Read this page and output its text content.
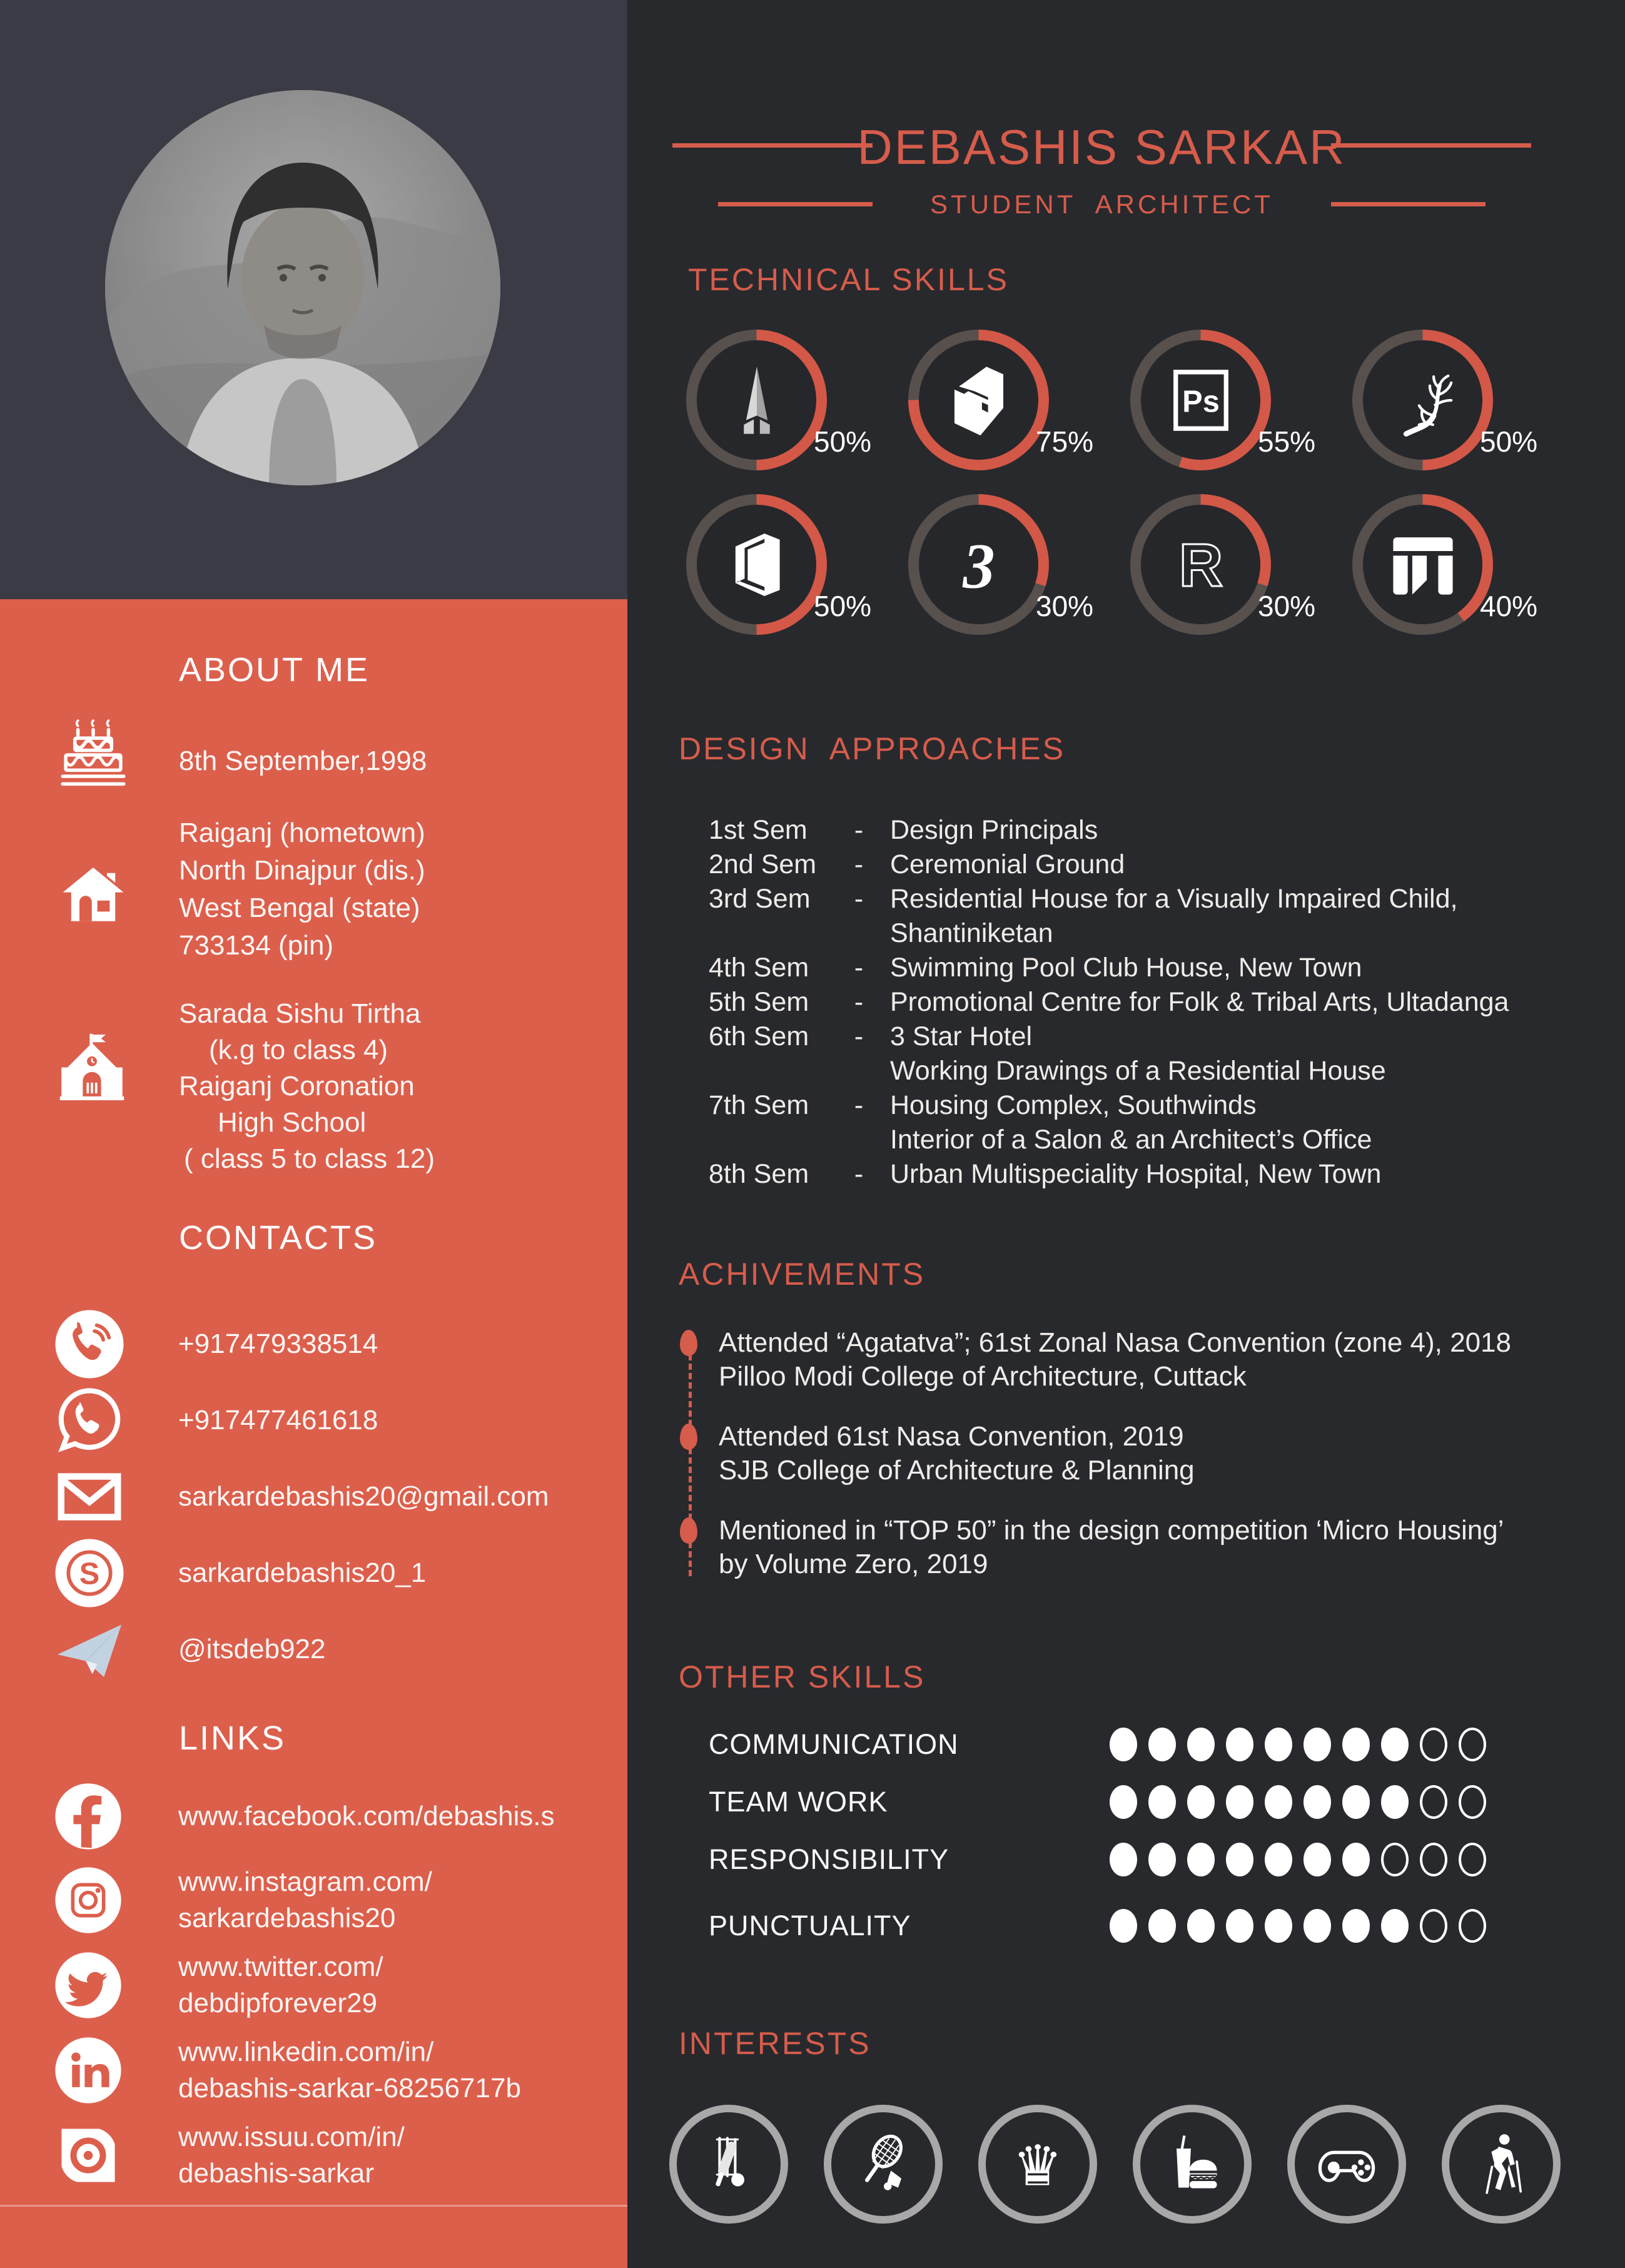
ABOUT ME
8th September,1998
Raiganj (hometown)
North Dinajpur (dis.)
West Bengal (state)
733134 (pin)
Sarada Sishu Tirtha
(k.g to class 4)
Raiganj Coronation
High School
( class 5 to class 12)
CONTACTS
+917479338514
+917477461618
sarkardebashis20@gmail.com
S	sarkardebashis20_1
@itsdeb922
LINKS
www.facebook.com/debashis.s
www.instagram.com/
sarkardebashis20
www.twitter.com/
debdipforever29
www.linkedin.com/in/
debashis-sarkar-68256717b
www.issuu.com/in/
debashis-sarkar
DEBASHIS SARKAR
STUDENT  ARCHITECT
TECHNICAL SKILLS
50%	75%
Ps
55%	50%
50%
3
30%
R
30%	40%
DESIGN  APPROACHES
1st Sem	- Design Principals
2nd Sem	- Ceremonial Ground
3rd Sem	- Residential House for a Visually Impaired Child,
Shantiniketan
4th Sem	- Swimming Pool Club House, New Town
5th Sem	- Promotional Centre for Folk & Tribal Arts, Ultadanga
6th Sem	- 3 Star Hotel
Working Drawings of a Residential House
7th Sem	- Housing Complex, Southwinds
Interior of a Salon & an Architect’s Office
8th Sem	- Urban Multispeciality Hospital, New Town
ACHIVEMENTS
Attended “Agatatva”; 61st Zonal Nasa Convention (zone 4), 2018
Pilloo Modi College of Architecture, Cuttack
Attended 61st Nasa Convention, 2019
SJB College of Architecture & Planning
Mentioned in “TOP 50” in the design competition ‘Micro Housing’
by Volume Zero, 2019
OTHER SKILLS
COMMUNICATION
TEAM WORK
RESPONSIBILITY
PUNCTUALITY
INTERESTS
♛
